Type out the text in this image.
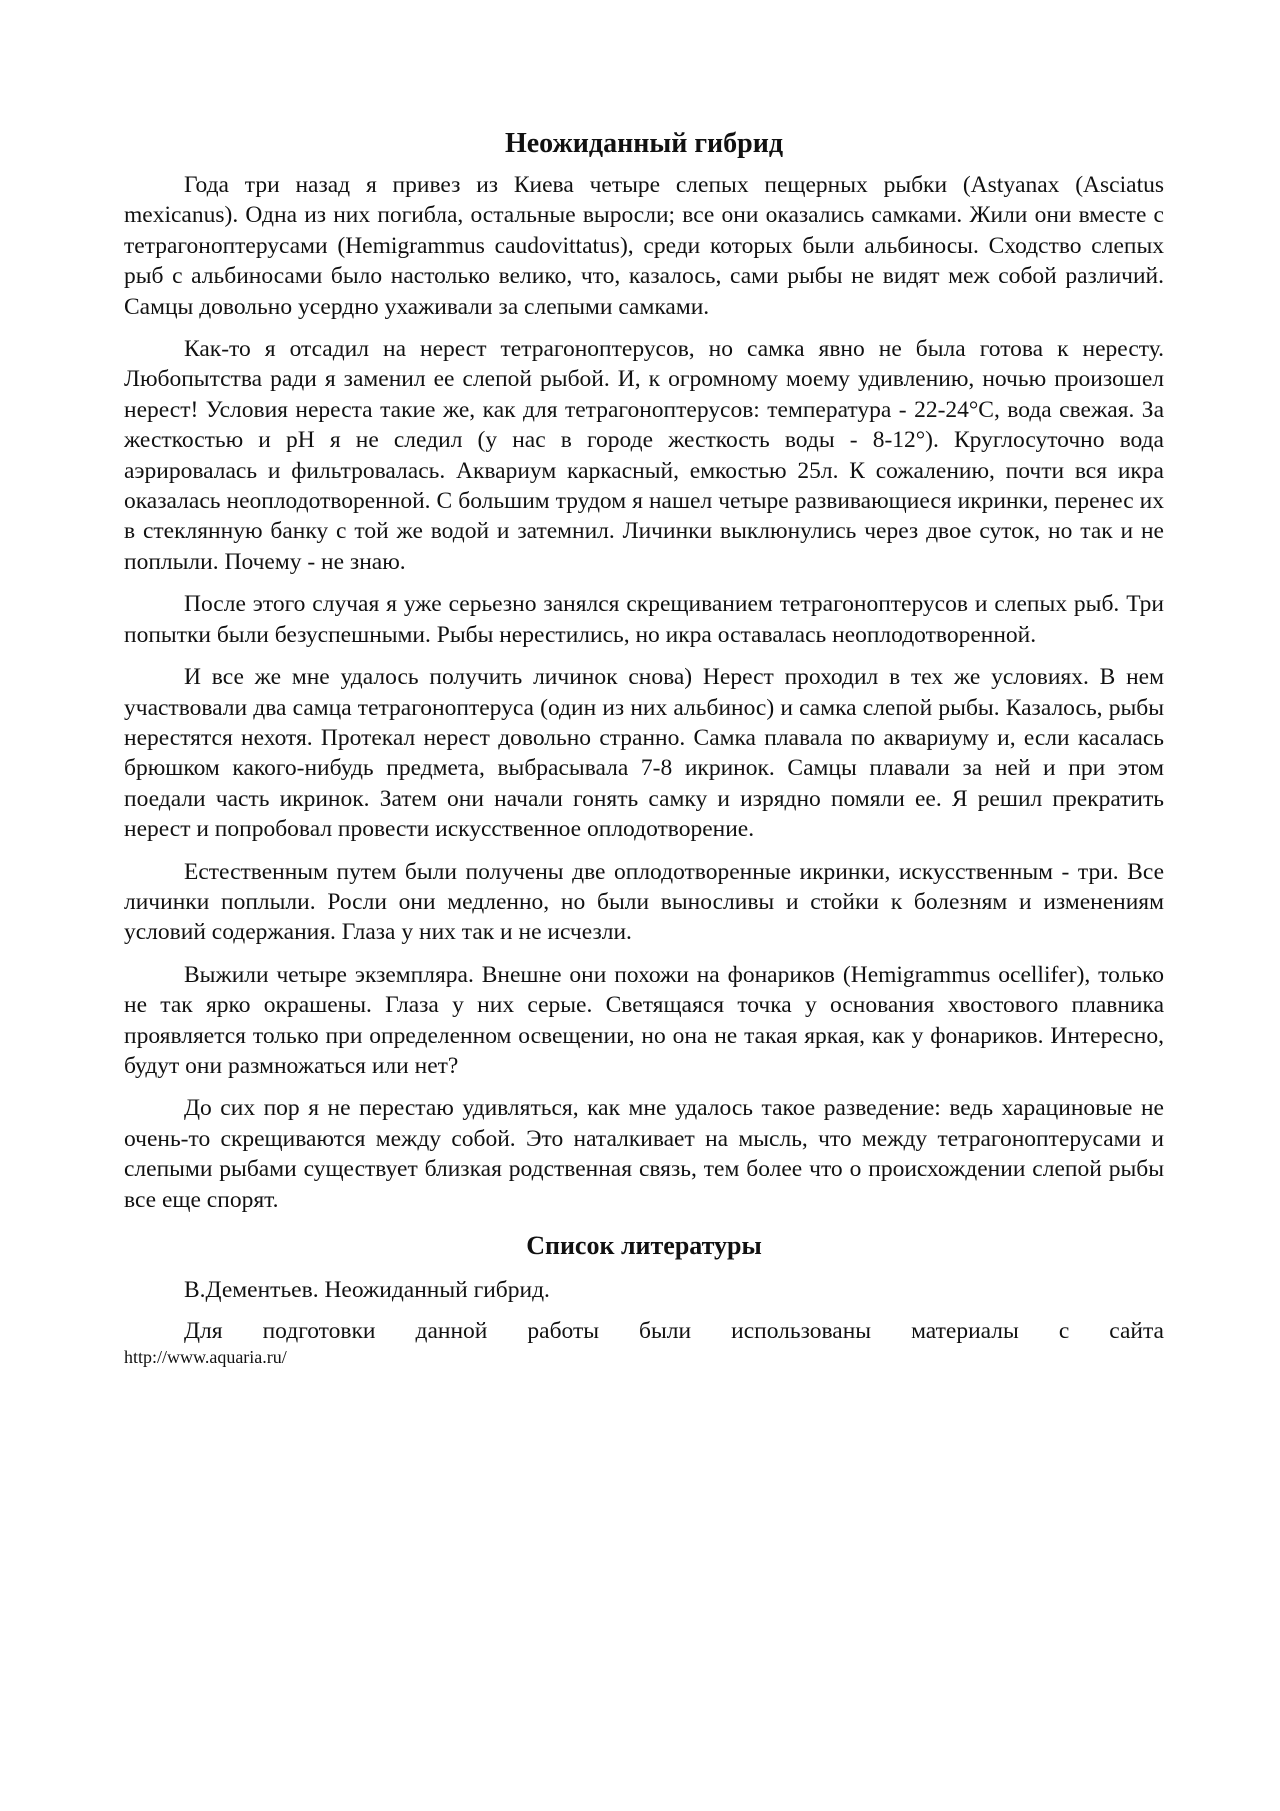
Неожиданный гибрид

Года три назад я привез из Киева четыре слепых пещерных рыбки (Astyanax (Asciatus mexicanus). Одна из них погибла, остальные выросли; все они оказались самками. Жили они вместе с тетрагоноптерусами (Hemigrammus caudovittatus), среди которых были альбиносы. Сходство слепых рыб с альбиносами было настолько велико, что, казалось, сами рыбы не видят меж собой различий. Самцы довольно усердно ухаживали за слепыми самками.

Как-то я отсадил на нерест тетрагоноптерусов, но самка явно не была готова к нересту. Любопытства ради я заменил ее слепой рыбой. И, к огромному моему удивлению, ночью произошел нерест! Условия нереста такие же, как для тетрагоноптерусов: температура - 22-24°С, вода свежая. За жесткостью и pH я не следил (у нас в городе жесткость воды - 8-12°). Круглосуточно вода аэрировалась и фильтровалась. Аквариум каркасный, емкостью 25л. К сожалению, почти вся икра оказалась неоплодотворенной. С большим трудом я нашел четыре развивающиеся икринки, перенес их в стеклянную банку с той же водой и затемнил. Личинки выклюнулись через двое суток, но так и не поплыли. Почему - не знаю.

После этого случая я уже серьезно занялся скрещиванием тетрагоноптерусов и слепых рыб. Три попытки были безуспешными. Рыбы нерестились, но икра оставалась неоплодотворенной.

И все же мне удалось получить личинок снова) Нерест проходил в тех же условиях. В нем участвовали два самца тетрагоноптеруса (один из них альбинос) и самка слепой рыбы. Казалось, рыбы нерестятся нехотя. Протекал нерест довольно странно. Самка плавала по аквариуму и, если касалась брюшком какого-нибудь предмета, выбрасывала 7-8 икринок. Самцы плавали за ней и при этом поедали часть икринок. Затем они начали гонять самку и изрядно помяли ее. Я решил прекратить нерест и попробовал провести искусственное оплодотворение.

Естественным путем были получены две оплодотворенные икринки, искусственным - три. Все личинки поплыли. Росли они медленно, но были выносливы и стойки к болезням и изменениям условий содержания. Глаза у них так и не исчезли.

Выжили четыре экземпляра. Внешне они похожи на фонариков (Hemigrammus ocellifer), только не так ярко окрашены. Глаза у них серые. Светящаяся точка у основания хвостового плавника проявляется только при определенном освещении, но она не такая яркая, как у фонариков. Интересно, будут они размножаться или нет?

До сих пор я не перестаю удивляться, как мне удалось такое разведение: ведь харациновые не очень-то скрещиваются между собой. Это наталкивает на мысль, что между тетрагоноптерусами и слепыми рыбами существует близкая родственная связь, тем более что о происхождении слепой рыбы все еще спорят.

Список литературы

В.Дементьев. Неожиданный гибрид.

Для подготовки данной работы были использованы материалы с сайта
http://www.aquaria.ru/
